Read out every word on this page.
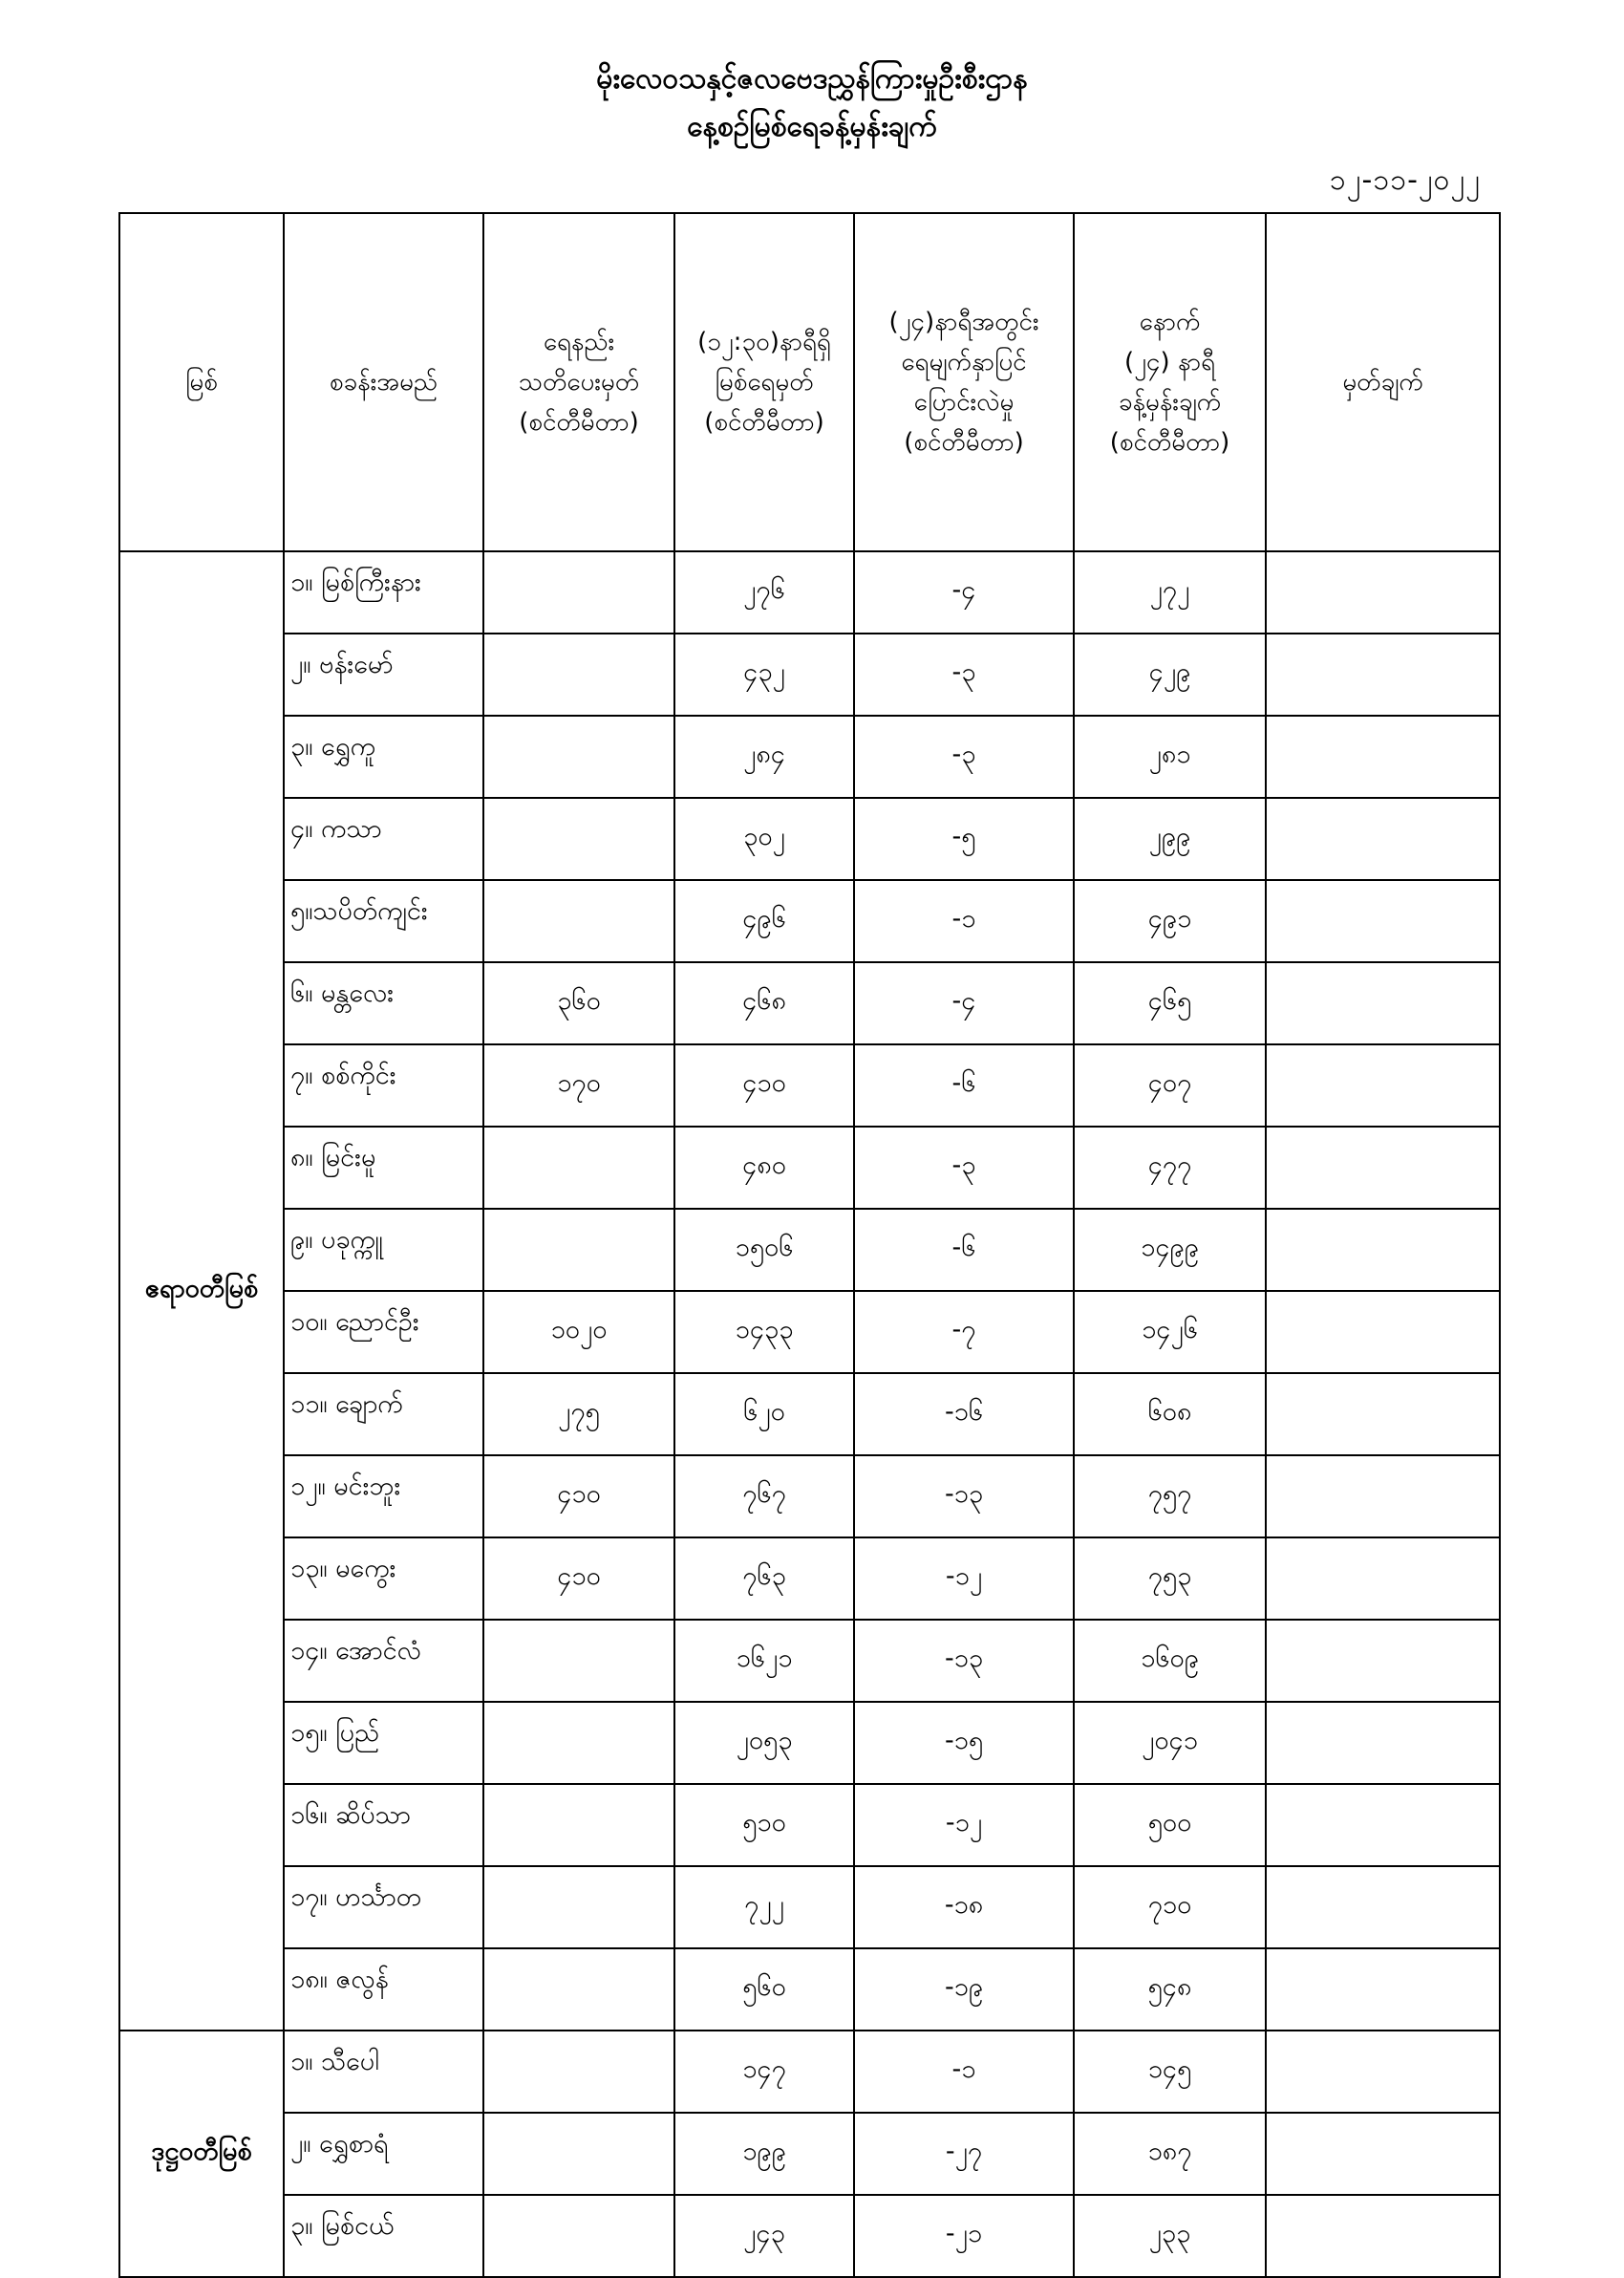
မိုးလေဝသနှင့်ဇလဗေဒညွှန်ကြားမှုဦးစီးဌာန
နေ့စဉ်မြစ်ရေခန့်မှန်းချက်
၁၂-၁၁-၂၀၂၂
မြစ်	စခန်းအမည်	ရေနည်း
သတိပေးမှတ်
(စင်တီမီတာ)	(၁၂:၃၀)နာရီရှိ
မြစ်ရေမှတ်
(စင်တီမီတာ)	(၂၄)နာရီအတွင်း
ရေမျက်နှာပြင်
ပြောင်းလဲမှု
(စင်တီမီတာ)	နောက်
(၂၄) နာရီ
ခန့်မှန်းချက်
(စင်တီမီတာ)	မှတ်ချက်

ဧရာဝတီမြစ်	၁။ မြစ်ကြီးနား		၂၇၆	-၄	၂၇၂	
	၂။ ဗန်းမော်		၄၃၂	-၃	၄၂၉	
	၃။ ရွှေကူ		၂၈၄	-၃	၂၈၁	
	၄။ ကသာ		၃၀၂	-၅	၂၉၉	
	၅။သပိတ်ကျင်း		၄၉၆	-၁	၄၉၁	
	၆။ မန္တလေး	၃၆၀	၄၆၈	-၄	၄၆၅	
	၇။ စစ်ကိုင်း	၁၇၀	၄၁၀	-၆	၄၀၇	
	၈။ မြင်းမူ		၄၈၀	-၃	၄၇၇	
	၉။ ပခုက္ကူ		၁၅၀၆	-၆	၁၄၉၉	
	၁၀။ ညောင်ဦး	၁၀၂၀	၁၄၃၃	-၇	၁၄၂၆	
	၁၁။ ချောက်	၂၇၅	၆၂၀	-၁၆	၆၀၈	
	၁၂။ မင်းဘူး	၄၁၀	၇၆၇	-၁၃	၇၅၇	
	၁၃။ မကွေး	၄၁၀	၇၆၃	-၁၂	၇၅၃	
	၁၄။ အောင်လံ		၁၆၂၁	-၁၃	၁၆၀၉	
	၁၅။ ပြည်		၂၀၅၃	-၁၅	၂၀၄၁	
	၁၆။ ဆိပ်သာ		၅၁၀	-၁၂	၅၀၀	
	၁၇။ ဟင်္သာတ		၇၂၂	-၁၈	၇၁၀	
	၁၈။ ဇလွန်		၅၆၀	-၁၉	၅၄၈	
ဒုဋ္ဌဝတီမြစ်	၁။ သီပေါ		၁၄၇	-၁	၁၄၅	
	၂။ ရွှေစာရံ		၁၉၉	-၂၇	၁၈၇	
	၃။ မြစ်ငယ်		၂၄၃	-၂၁	၂၃၃	
